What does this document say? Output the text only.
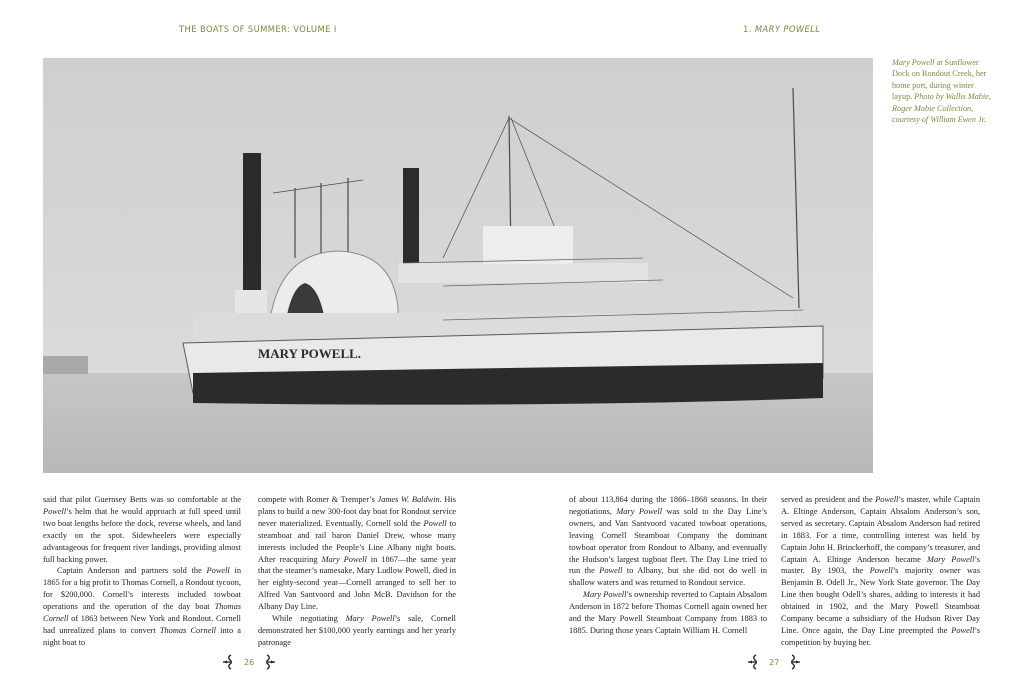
THE BOATS OF SUMMER: VOLUME I	1. MARY POWELL
MARY POWELL.
Mary Powell at Sunflower Dock on Rondout Creek, her home port, during winter layup. Photo by Wallis Mabie, Roger Mabie Collection, courtesy of William Ewen Jr.

said that pilot Guernsey Betts was so comfortable at the Powell’s helm that he would approach at full speed until two boat lengths before the dock, reverse wheels, and land exactly on the spot. Sidewheelers were especially advantageous for frequent river landings, providing almost full backing power.

Captain Anderson and partners sold the Powell in 1865 for a big profit to Thomas Cornell, a Rondout tycoon, for $200,000. Cornell’s interests included towboat operations and the operation of the day boat Thomas Cornell of 1863 between New York and Rondout. Cornell had unrealized plans to convert Thomas Cornell into a night boat to

compete with Romer & Tremper’s James W. Baldwin. His plans to build a new 300-foot day boat for Rondout service never materialized. Eventually, Cornell sold the Powell to steamboat and rail baron Daniel Drew, whose many interests included the People’s Line Albany night boats. After reacquiring Mary Powell in 1867—the same year that the steamer’s namesake, Mary Ludlow Powell, died in her eighty-second year—Cornell arranged to sell her to Alfred Van Santvoord and John McB. Davidson for the Albany Day Line.

While negotiating Mary Powell’s sale, Cornell demonstrated her $100,000 yearly earnings and her yearly patronage

of about 113,864 during the 1866–1868 seasons. In their negotiations, Mary Powell was sold to the Day Line’s owners, and Van Santvoord vacated towboat operations, leaving Cornell Steamboat Company the dominant towboat operator from Rondout to Albany, and eventually the Hudson’s largest tugboat fleet. The Day Line tried to run the Powell to Albany, but she did not do well in shallow waters and was returned to Rondout service.

Mary Powell’s ownership reverted to Captain Absalom Anderson in 1872 before Thomas Cornell again owned her and the Mary Powell Steamboat Company from 1883 to 1885. During those years Captain William H. Cornell

served as president and the Powell’s master, while Captain A. Eltinge Anderson, Captain Absalom Anderson’s son, served as secretary. Captain Absalom Anderson had retired in 1883. For a time, controlling interest was held by Captain John H. Brinckerhoff, the company’s treasurer, and Captain A. Eltinge Anderson became Mary Powell’s master. By 1903, the Powell’s majority owner was Benjamin B. Odell Jr., New York State governor. The Day Line then bought Odell’s shares, adding to interests it had obtained in 1902, and the Mary Powell Steamboat Company became a subsidiary of the Hudson River Day Line. Once again, the Day Line preempted the Powell’s competition by buying her.

26	27
